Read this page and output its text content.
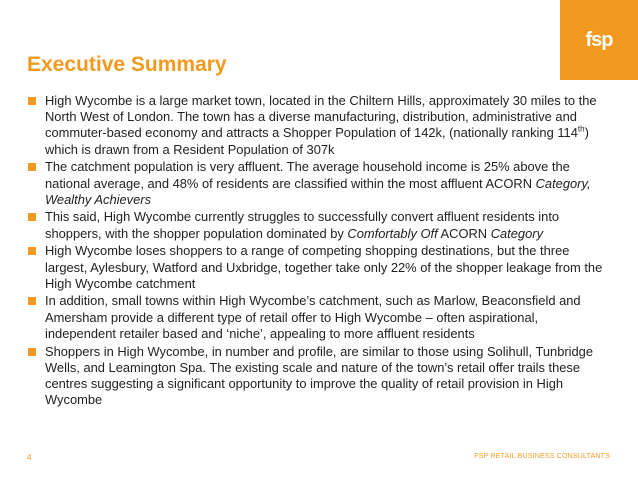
fsp
Executive Summary
High Wycombe is a large market town, located in the Chiltern Hills, approximately 30 miles to the North West of London. The town has a diverse manufacturing, distribution, administrative and commuter-based economy and attracts a Shopper Population of 142k, (nationally ranking 114th) which is drawn from a Resident Population of 307k
The catchment population is very affluent. The average household income is 25% above the national average, and 48% of residents are classified within the most affluent ACORN Category, Wealthy Achievers
This said, High Wycombe currently struggles to successfully convert affluent residents into shoppers, with the shopper population dominated by Comfortably Off ACORN Category
High Wycombe loses shoppers to a range of competing shopping destinations, but the three largest, Aylesbury, Watford and Uxbridge, together take only 22% of the shopper leakage from the High Wycombe catchment
In addition, small towns within High Wycombe’s catchment, such as Marlow, Beaconsfield and Amersham provide a different type of retail offer to High Wycombe – often aspirational, independent retailer based and ‘niche’, appealing to more affluent residents
Shoppers in High Wycombe, in number and profile, are similar to those using Solihull, Tunbridge Wells, and Leamington Spa. The existing scale and nature of the town’s retail offer trails these centres suggesting a significant opportunity to improve the quality of retail provision in High Wycombe
4	FSP RETAIL BUSINESS CONSULTANTS
